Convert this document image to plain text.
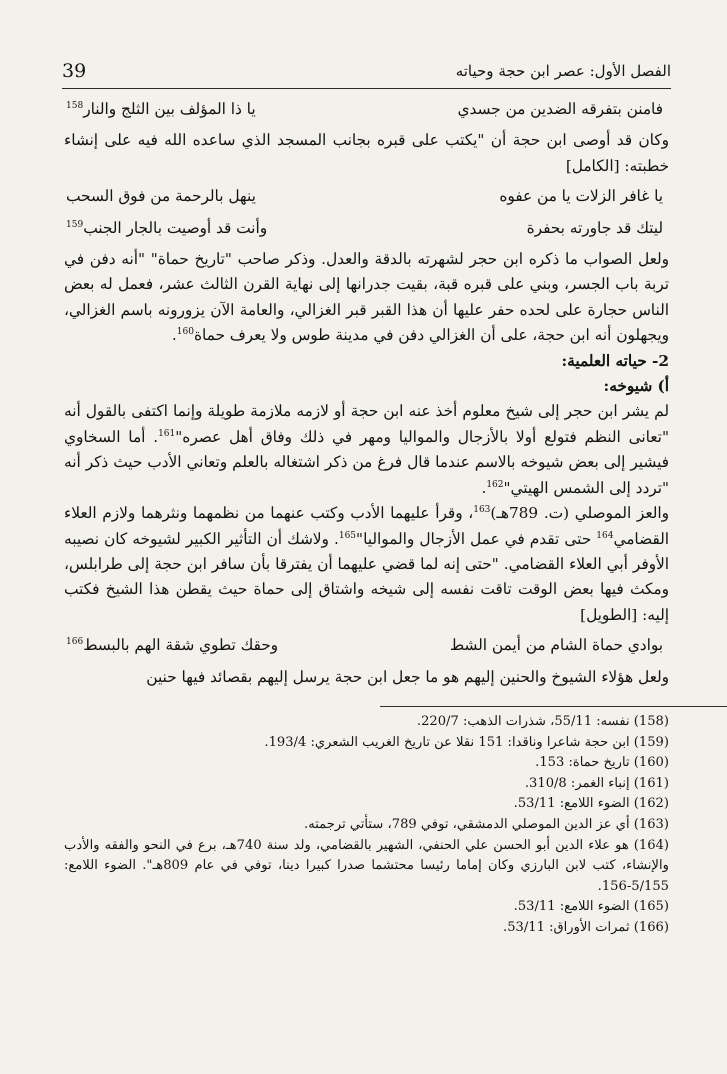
39	الفصل الأول: عصر ابن حجة وحياته
فامنن بتفرقه الضدين من جسدي
يا ذا المؤلف بين الثلج والنار$^{158}$

وكان قد أوصى ابن حجة أن "يكتب على قبره بجانب المسجد الذي ساعده الله فيه على إنشاء خطبته: [الكامل]

يا غافر الزلات يا من عفوه
ينهل بالرحمة من فوق السحب
ليتك قد جاورته بحفرة
وأنت قد أوصيت بالجار الجنب$^{159}$

ولعل الصواب ما ذكره ابن حجر لشهرته بالدقة والعدل. وذكر صاحب "تاريخ حماة" "أنه دفن في تربة باب الجسر، وبني على قبره قبة، بقيت جدرانها إلى نهاية القرن الثالث عشر، فعمل له بعض الناس حجارة على لحده حفر عليها أن هذا القبر قبر الغزالي، والعامة الآن يزورونه باسم الغزالي، ويجهلون أنه ابن حجة، على أن الغزالي دفن في مدينة طوس ولا يعرف حماة$^{160}$.

2- حياته العلمية:

أ) شيوخه:

لم يشر ابن حجر إلى شيخ معلوم أخذ عنه ابن حجة أو لازمه ملازمة طويلة وإنما اكتفى بالقول أنه "تعانى النظم فتولع أولا بالأزجال والمواليا ومهر في ذلك وفاق أهل عصره"$^{161}$. أما السخاوي فيشير إلى بعض شيوخه بالاسم عندما قال فرغ من ذكر اشتغاله بالعلم وتعاني الأدب حيث ذكر أنه "تردد إلى الشمس الهيتي"$^{162}$.

والعز الموصلي (ت. 789هـ)$^{163}$، وقرأ عليهما الأدب وكتب عنهما من نظمهما ونثرهما ولازم العلاء القضامي$^{164}$ حتى تقدم في عمل الأزجال والمواليا"$^{165}$. ولاشك أن التأثير الكبير لشيوخه كان نصيبه الأوفر أبي العلاء القضامي. "حتى إنه لما قضي عليهما أن يفترقا بأن سافر ابن حجة إلى طرابلس، ومكث فيها بعض الوقت تاقت نفسه إلى شيخه واشتاق إلى حماة حيث يقطن هذا الشيخ فكتب إليه: [الطويل]

بوادي حماة الشام من أيمن الشط
وحقك تطوي شقة الهم بالبسط$^{166}$

ولعل هؤلاء الشيوخ والحنين إليهم هو ما جعل ابن حجة يرسل إليهم بقصائد فيها حنين

(158) نفسه: 55/11، شذرات الذهب: 220/7.
(159) ابن حجة شاعرا وناقدا: 151 نقلا عن تاريخ الغريب الشعري: 193/4.
(160) تاريخ حماة: 153.
(161) إنباء الغمر: 310/8.
(162) الضوء اللامع: 53/11.
(163) أي عز الدين الموصلي الدمشقي، توفي 789، ستأتي ترجمته.
(164) هو علاء الدين أبو الحسن علي الحنفي، الشهير بالقضامي، ولد سنة 740هـ، برع في النحو والفقه والأدب والإنشاء، كتب لابن البارزي وكان إماما رئيسا محتشما صدرا كبيرا دينا، توفي في عام 809هـ". الضوء اللامع: 5/155-156.
(165) الضوء اللامع: 53/11.
(166) ثمرات الأوراق: 53/11.
